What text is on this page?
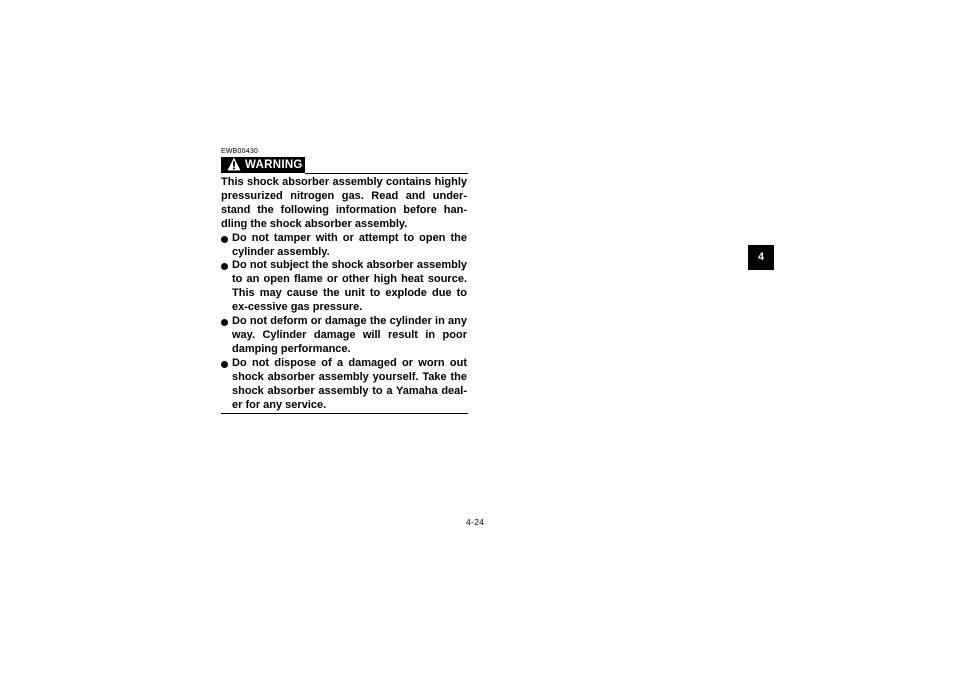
EWB00430
WARNING

This shock absorber assembly contains highly pressurized nitrogen gas. Read and under-stand the following information before han-dling the shock absorber assembly.

Do not tamper with or attempt to open the cylinder assembly.
Do not subject the shock absorber assembly to an open flame or other high heat source. This may cause the unit to explode due to ex-cessive gas pressure.
Do not deform or damage the cylinder in any way. Cylinder damage will result in poor damping performance.
Do not dispose of a damaged or worn out shock absorber assembly yourself. Take the shock absorber assembly to a Yamaha deal-er for any service.
4-24
4
